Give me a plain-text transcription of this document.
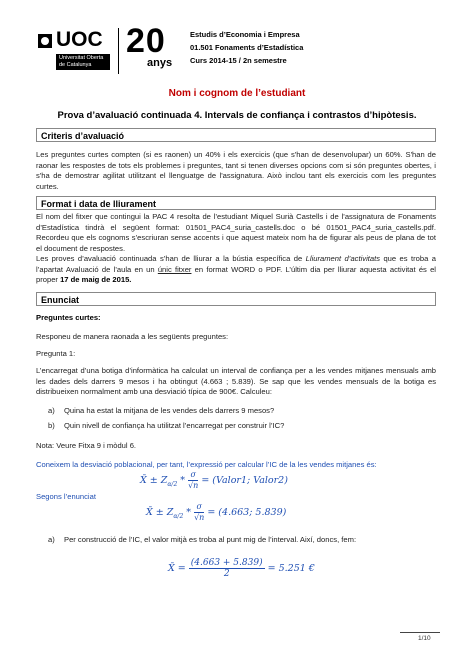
UOC
Universitat Oberta de Catalunya
20
anys
Estudis d’Economia i Empresa
01.501 Fonaments d’Estadística
Curs 2014-15 / 2n semestre
Nom i cognom de l’estudiant
Prova d’avaluació continuada 4. Intervals de confiança i contrastos d’hipòtesis.
Criteris d’avaluació
Les preguntes curtes compten (si es raonen) un 40% i els exercicis (que s'han de desenvolupar) un 60%. S'han de raonar les respostes de tots els problemes i preguntes, tant si tenen diverses opcions com si són preguntes obertes, i s'ha de demostrar agilitat utilitzant el llenguatge de l'assignatura. Això inclou tant els exercicis com les preguntes curtes.
Format i data de lliurament
El nom del fitxer que contingui la PAC 4 resolta de l’estudiant Miquel Surià Castells i de l’assignatura de Fonaments d’Estadística tindrà el següent format: 01501_PAC4_suria_castells.doc o bé 01501_PAC4_suria_castells.pdf. Recordeu que els cognoms s’escriuran sense accents i que aquest mateix nom ha de figurar als peus de plana de tot el document de respostes.
Les proves d’avaluació continuada s’han de lliurar a la bústia específica de Lliurament d’activitats que es troba a l’apartat Avaluació de l’aula en un únic fitxer en format WORD o PDF. L’últim dia per lliurar aquesta activitat és el proper 17 de maig de 2015.
Enunciat
Preguntes curtes:
Responeu de manera raonada a les següents preguntes:
Pregunta 1:
L’encarregat d’una botiga d’informàtica ha calculat un interval de confiança per a les vendes mitjanes mensuals amb les dades dels darrers 9 mesos i ha obtingut (4.663 ; 5.839). Se sap que les vendes mensuals de la botiga es distribueixen normalment amb una desviació típica de 900€. Calculeu:
a) Quina ha estat la mitjana de les vendes dels darrers 9 mesos?
b) Quin nivell de confiança ha utilitzat l’encarregat per construir l’IC?
Nota: Veure Fitxa 9 i mòdul 6.
Coneixem la desviació poblacional, per tant, l’expressió per calcular l’IC de la les vendes mitjanes és:
X̄ ± $Z_{\alpha/2} * \frac{\sigma}{√n}$ = (Valor1; Valor2)
Segons l’enunciat
X̄ ± $Z_{\alpha/2} * \frac{\sigma}{√n} = (4.663$; 5.839)
a) Per construcció de l’IC, el valor mitjà es troba al punt mig de l’interval. Així, doncs, fem:
X̄ = $\frac{(4.663 + 5.839)}{2} = 5.251$ €
1/10
